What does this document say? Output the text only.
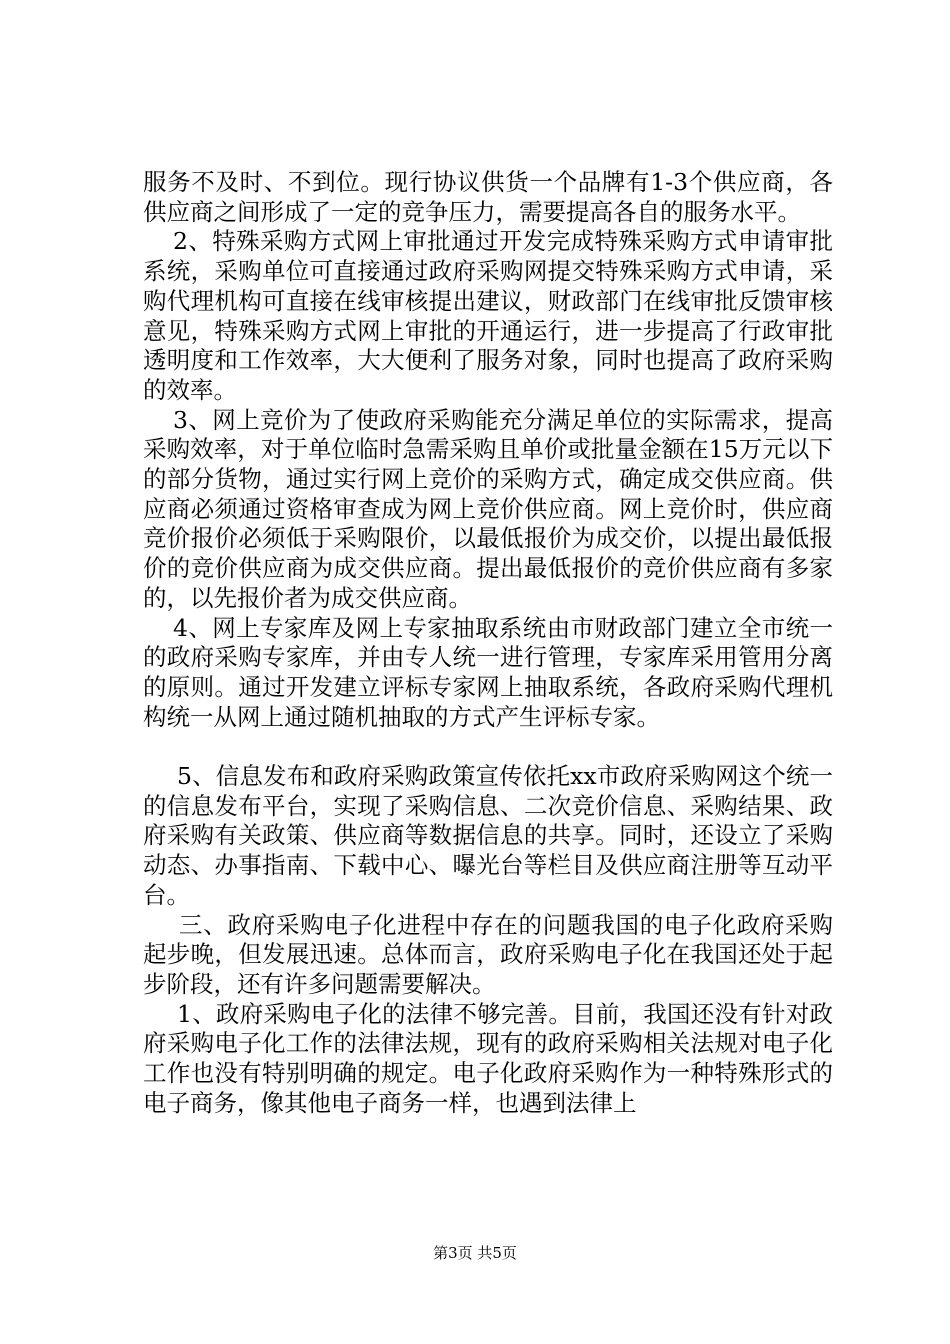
服务不及时、不到位。现行协议供货一个品牌有1-3个供应商，各供应商之间形成了一定的竞争压力，需要提高各自的服务水平。

2、特殊采购方式网上审批通过开发完成特殊采购方式申请审批系统，采购单位可直接通过政府采购网提交特殊采购方式申请，采购代理机构可直接在线审核提出建议，财政部门在线审批反馈审核意见，特殊采购方式网上审批的开通运行，进一步提高了行政审批透明度和工作效率，大大便利了服务对象，同时也提高了政府采购的效率。

3、网上竞价为了使政府采购能充分满足单位的实际需求，提高采购效率，对于单位临时急需采购且单价或批量金额在15万元以下的部分货物，通过实行网上竞价的采购方式，确定成交供应商。供应商必须通过资格审查成为网上竞价供应商。网上竞价时，供应商竞价报价必须低于采购限价，以最低报价为成交价，以提出最低报价的竞价供应商为成交供应商。提出最低报价的竞价供应商有多家的，以先报价者为成交供应商。

4、网上专家库及网上专家抽取系统由市财政部门建立全市统一的政府采购专家库，并由专人统一进行管理，专家库采用管用分离的原则。通过开发建立评标专家网上抽取系统，各政府采购代理机构统一从网上通过随机抽取的方式产生评标专家。

5、信息发布和政府采购政策宣传依托xx市政府采购网这个统一的信息发布平台，实现了采购信息、二次竞价信息、采购结果、政府采购有关政策、供应商等数据信息的共享。同时，还设立了采购动态、办事指南、下载中心、曝光台等栏目及供应商注册等互动平台。

三、政府采购电子化进程中存在的问题我国的电子化政府采购起步晚，但发展迅速。总体而言，政府采购电子化在我国还处于起步阶段，还有许多问题需要解决。

1、政府采购电子化的法律不够完善。目前，我国还没有针对政府采购电子化工作的法律法规，现有的政府采购相关法规对电子化工作也没有特别明确的规定。电子化政府采购作为一种特殊形式的电子商务，像其他电子商务一样，也遇到法律上

第3页 共5页
